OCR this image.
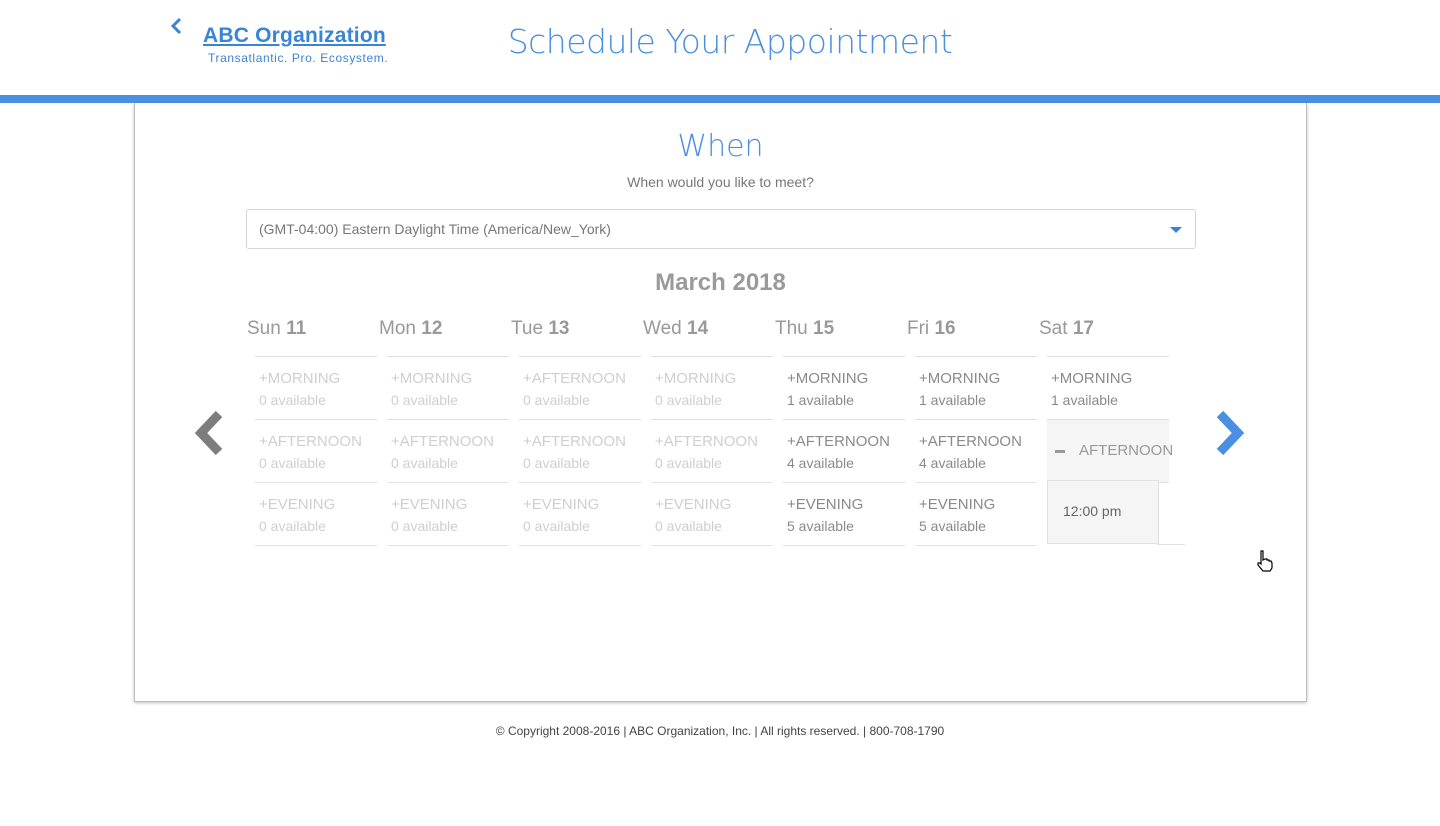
ABC Organization
Transatlantic. Pro. Ecosystem.	Schedule Your Appointment
When
When would you like to meet?
(GMT-04:00) Eastern Daylight Time (America/New_York)
March 2018
Sun 11
+MORNING
0 available
+AFTERNOON
0 available
+EVENING
0 available
Mon 12
+MORNING
0 available
+AFTERNOON
0 available
+EVENING
0 available
Tue 13
+AFTERNOON
0 available
+AFTERNOON
0 available
+EVENING
0 available
Wed 14
+MORNING
0 available
+AFTERNOON
0 available
+EVENING
0 available
Thu 15
+MORNING
1 available
+AFTERNOON
4 available
+EVENING
5 available
Fri 16
+MORNING
1 available
+AFTERNOON
4 available
+EVENING
5 available
Sat 17
+MORNING
1 available
AFTERNOON
12:00 pm
© Copyright 2008-2016 | ABC Organization, Inc. | All rights reserved. | 800-708-1790
